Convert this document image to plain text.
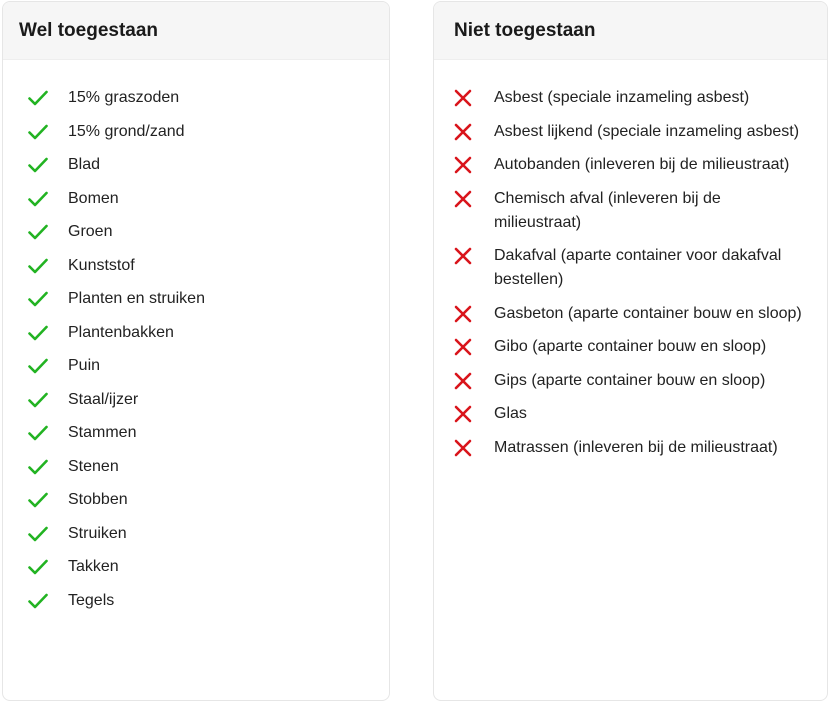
Wel toegestaan
15% graszoden
15% grond/zand
Blad
Bomen
Groen
Kunststof
Planten en struiken
Plantenbakken
Puin
Staal/ijzer
Stammen
Stenen
Stobben
Struiken
Takken
Tegels
Niet toegestaan
Asbest (speciale inzameling asbest)
Asbest lijkend (speciale inzameling asbest)
Autobanden (inleveren bij de milieustraat)
Chemisch afval (inleveren bij de milieustraat)
Dakafval (aparte container voor dakafval bestellen)
Gasbeton (aparte container bouw en sloop)
Gibo (aparte container bouw en sloop)
Gips (aparte container bouw en sloop)
Glas
Matrassen (inleveren bij de milieustraat)
